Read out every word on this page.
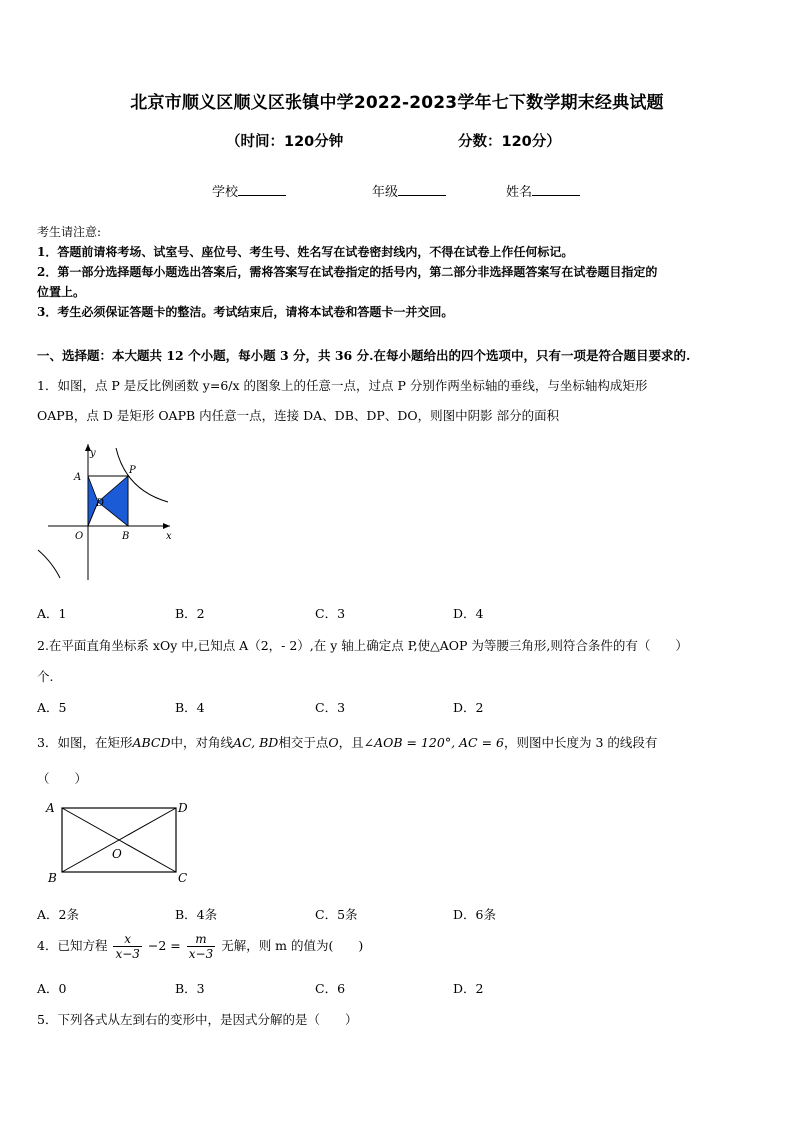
北京市顺义区顺义区张镇中学2022-2023学年七下数学期末经典试题
（时间：120分钟	分数：120分）
学校	年级	姓名
考生请注意:
1．答题前请将考场、试室号、座位号、考生号、姓名写在试卷密封线内，不得在试卷上作任何标记。
2．第一部分选择题每小题选出答案后，需将答案写在试卷指定的括号内，第二部分非选择题答案写在试卷题目指定的
位置上。
3．考生必须保证答题卡的整洁。考试结束后，请将本试卷和答题卡一并交回。
一、选择题：本大题共 12 个小题，每小题 3 分，共 36 分.在每小题给出的四个选项中，只有一项是符合题目要求的.
1．如图，点 P 是反比例函数 y=6/x 的图象上的任意一点，过点 P 分别作两坐标轴的垂线，与坐标轴构成矩形
OAPB，点 D 是矩形 OAPB 内任意一点，连接 DA、DB、DP、DO，则图中阴影 部分的面积
y
x
A
P
D
O	B
A．1	B．2	C．3	D．4
2.在平面直角坐标系 xOy 中,已知点 A（2，- 2）,在 y 轴上确定点 P,使△AOP 为等腰三角形,则符合条件的有（　　）
个.
A．5	B．4	C．3	D．2
3．如图，在矩形ABCD中，对角线AC, BD相交于点O，且∠AOB = 120°, AC = 6，则图中长度为 3 的线段有
（　　）
A	D
O
B	C
A．2条	B．4条	C．5条	D．6条
4．已知方程 $\frac{x}{x-3} -2 = \frac{m}{x-3}$ 无解，则 m 的值为(　　)
A．0	B．3	C．6	D．2
5．下列各式从左到右的变形中，是因式分解的是（　　）
